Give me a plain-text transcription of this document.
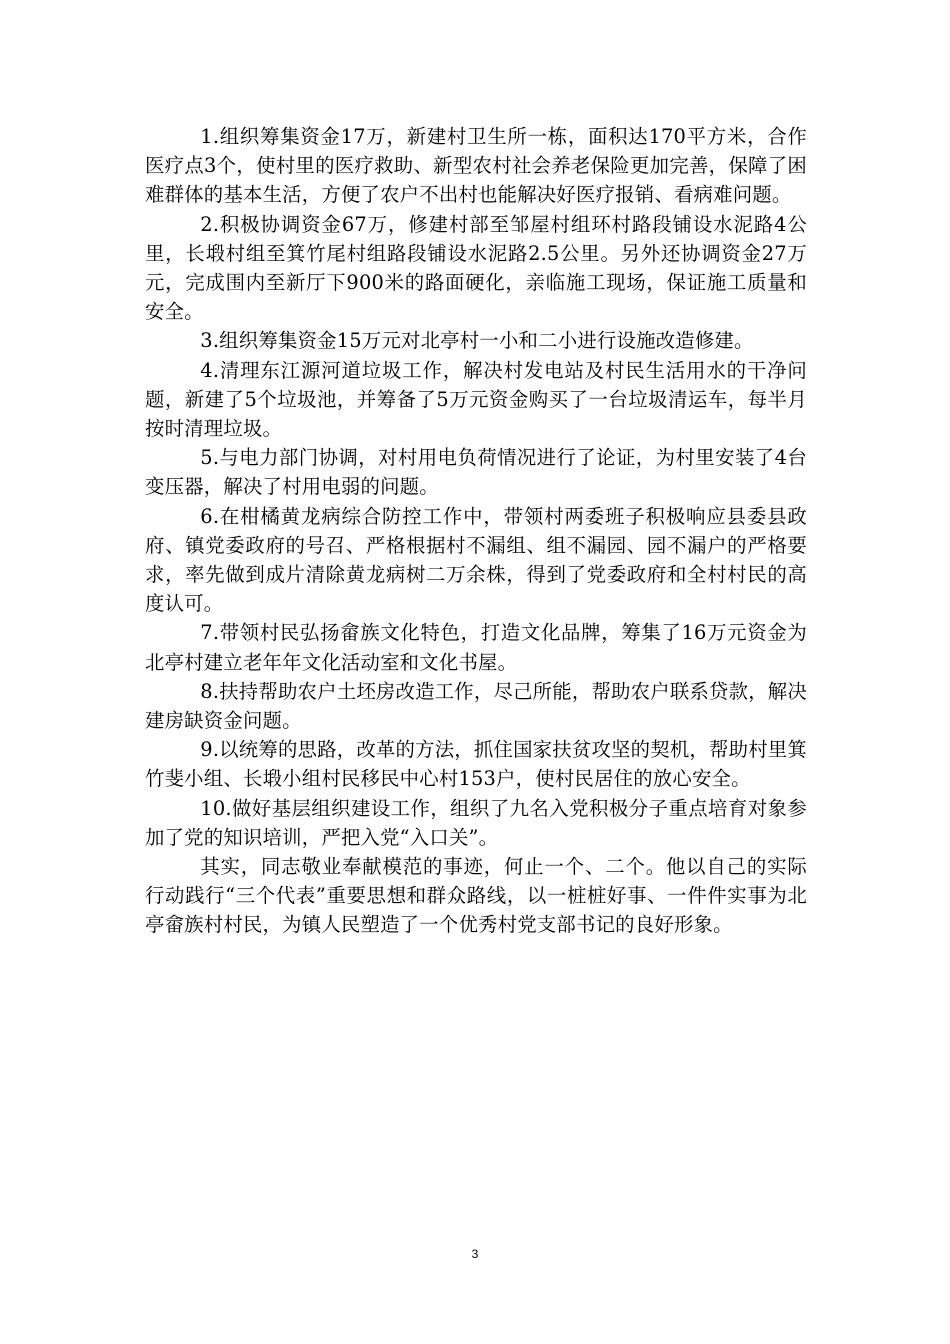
1.组织筹集资金17万，新建村卫生所一栋，面积达170平方米，合作医疗点3个，使村里的医疗救助、新型农村社会养老保险更加完善，保障了困难群体的基本生活，方便了农户不出村也能解决好医疗报销、看病难问题。

2.积极协调资金67万，修建村部至邹屋村组环村路段铺设水泥路4公里，长塅村组至箕竹尾村组路段铺设水泥路2.5公里。另外还协调资金27万元，完成围内至新厅下900米的路面硬化，亲临施工现场，保证施工质量和安全。

3.组织筹集资金15万元对北亭村一小和二小进行设施改造修建。

4.清理东江源河道垃圾工作，解决村发电站及村民生活用水的干净问题，新建了5个垃圾池，并筹备了5万元资金购买了一台垃圾清运车，每半月按时清理垃圾。

5.与电力部门协调，对村用电负荷情况进行了论证，为村里安装了4台变压器，解决了村用电弱的问题。

6.在柑橘黄龙病综合防控工作中，带领村两委班子积极响应县委县政府、镇党委政府的号召、严格根据村不漏组、组不漏园、园不漏户的严格要求，率先做到成片清除黄龙病树二万余株，得到了党委政府和全村村民的高度认可。

7.带领村民弘扬畲族文化特色，打造文化品牌，筹集了16万元资金为北亭村建立老年年文化活动室和文化书屋。

8.扶持帮助农户土坯房改造工作，尽己所能，帮助农户联系贷款，解决建房缺资金问题。

9.以统筹的思路，改革的方法，抓住国家扶贫攻坚的契机，帮助村里箕竹斐小组、长塅小组村民移民中心村153户，使村民居住的放心安全。

10.做好基层组织建设工作，组织了九名入党积极分子重点培育对象参加了党的知识培训，严把入党“入口关”。

其实，同志敬业奉献模范的事迹，何止一个、二个。他以自己的实际行动践行“三个代表”重要思想和群众路线，以一桩桩好事、一件件实事为北亭畲族村村民，为镇人民塑造了一个优秀村党支部书记的良好形象。

3
